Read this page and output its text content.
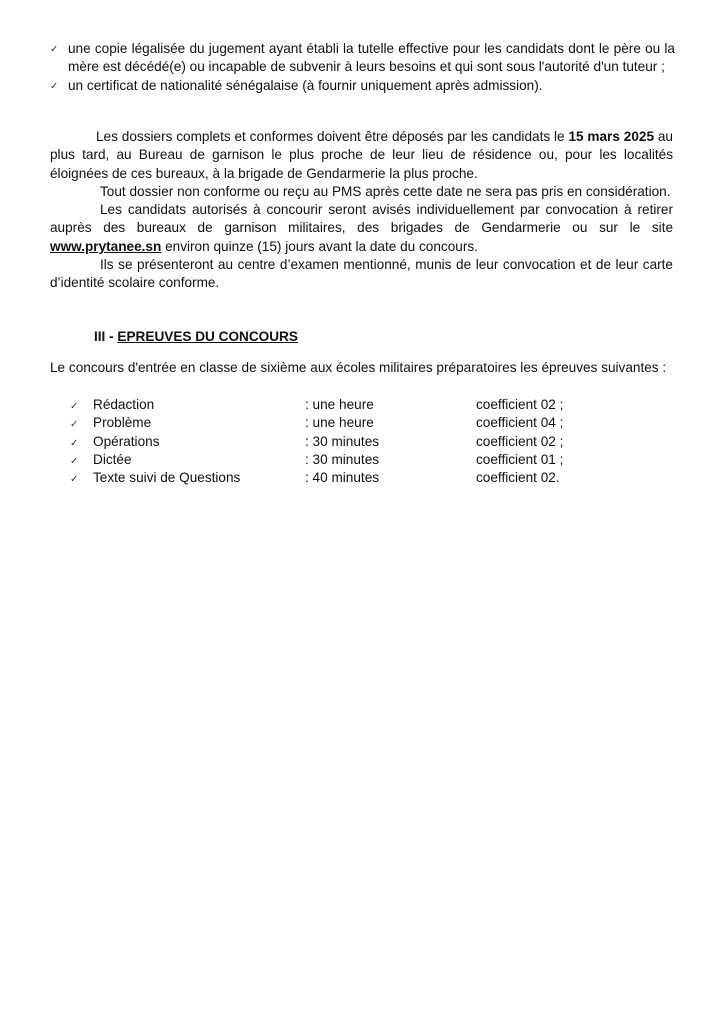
✓ une copie légalisée du jugement ayant établi la tutelle effective pour les candidats dont le père ou la mère est décédé(e) ou incapable de subvenir à leurs besoins et qui sont sous l'autorité d'un tuteur ;
✓ un certificat de nationalité sénégalaise (à fournir uniquement après admission).

Les dossiers complets et conformes doivent être déposés par les candidats le 15 mars 2025 au plus tard, au Bureau de garnison le plus proche de leur lieu de résidence ou, pour les localités éloignées de ces bureaux, à la brigade de Gendarmerie la plus proche.

Tout dossier non conforme ou reçu au PMS après cette date ne sera pas pris en considération.

Les candidats autorisés à concourir seront avisés individuellement par convocation à retirer auprès des bureaux de garnison militaires, des brigades de Gendarmerie ou sur le site www.prytanee.sn environ quinze (15) jours avant la date du concours.

Ils se présenteront au centre d’examen mentionné, munis de leur convocation et de leur carte d’identité scolaire conforme.

III - EPREUVES DU CONCOURS

Le concours d'entrée en classe de sixième aux écoles militaires préparatoires les épreuves suivantes :

✓ Rédaction	: une heure	coefficient 02 ;
✓ Problème	: une heure	coefficient 04 ;
✓ Opérations	: 30 minutes	coefficient 02 ;
✓ Dictée	: 30 minutes	coefficient 01 ;
✓ Texte suivi de Questions	: 40 minutes	coefficient 02.
